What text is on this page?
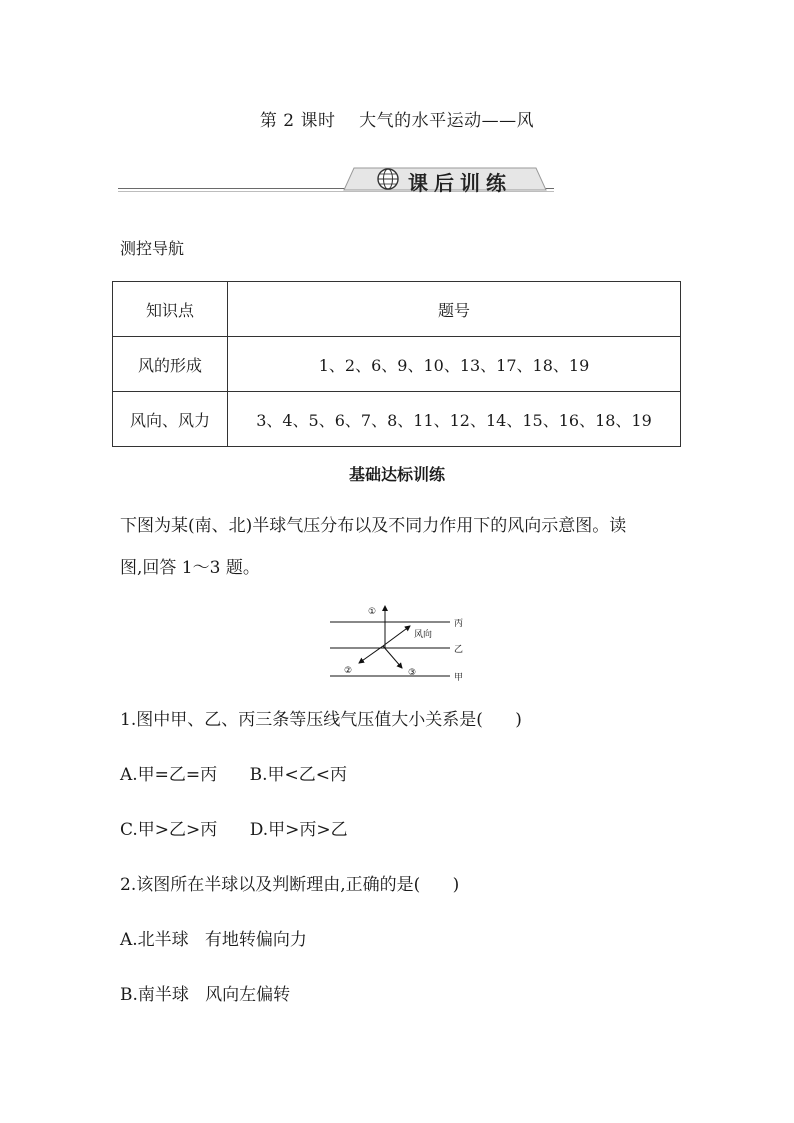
第 2 课时    大气的水平运动——风
课后训练
测控导航
知识点	题号
风的形成	1、2、6、9、10、13、17、18、19
风向、风力	3、4、5、6、7、8、11、12、14、15、16、18、19
基础达标训练
下图为某(南、北)半球气压分布以及不同力作用下的风向示意图。读
图,回答 1～3 题。
①
②	③
风向
丙
乙
甲
1.图中甲、乙、丙三条等压线气压值大小关系是(      )
A.甲=乙=丙      B.甲<乙<丙
C.甲>乙>丙      D.甲>丙>乙
2.该图所在半球以及判断理由,正确的是(      )
A.北半球   有地转偏向力
B.南半球   风向左偏转
